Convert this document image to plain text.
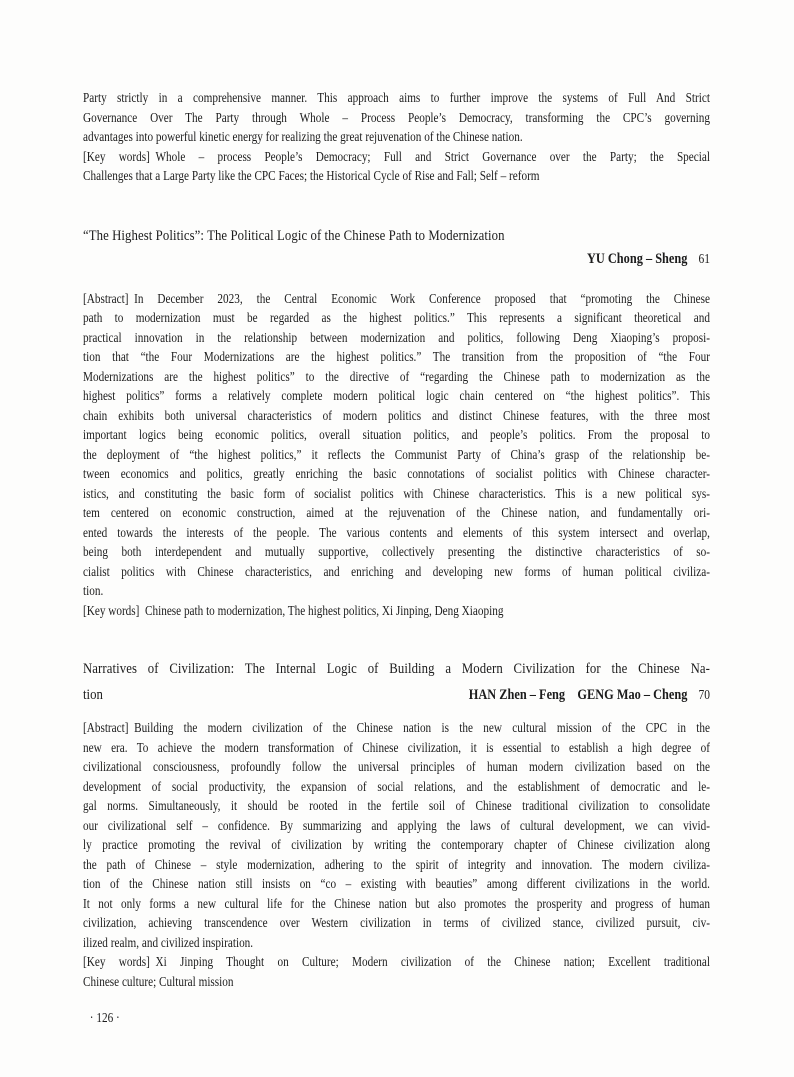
Party strictly in a comprehensive manner. This approach aims to further improve the systems of Full And Strict
Governance Over The Party through Whole – Process People’s Democracy, transforming the CPC’s governing
advantages into powerful kinetic energy for realizing the great rejuvenation of the Chinese nation.
[Key words] Whole – process People’s Democracy; Full and Strict Governance over the Party; the Special
Challenges that a Large Party like the CPC Faces; the Historical Cycle of Rise and Fall; Self – reform
“The Highest Politics”: The Political Logic of the Chinese Path to Modernization
YU Chong – Sheng 61
[Abstract] In December 2023, the Central Economic Work Conference proposed that “promoting the Chinese
path to modernization must be regarded as the highest politics.” This represents a significant theoretical and
practical innovation in the relationship between modernization and politics, following Deng Xiaoping’s proposi-
tion that “the Four Modernizations are the highest politics.” The transition from the proposition of “the Four
Modernizations are the highest politics” to the directive of “regarding the Chinese path to modernization as the
highest politics” forms a relatively complete modern political logic chain centered on “the highest politics”. This
chain exhibits both universal characteristics of modern politics and distinct Chinese features, with the three most
important logics being economic politics, overall situation politics, and people’s politics. From the proposal to
the deployment of “the highest politics,” it reflects the Communist Party of China’s grasp of the relationship be-
tween economics and politics, greatly enriching the basic connotations of socialist politics with Chinese character-
istics, and constituting the basic form of socialist politics with Chinese characteristics. This is a new political sys-
tem centered on economic construction, aimed at the rejuvenation of the Chinese nation, and fundamentally ori-
ented towards the interests of the people. The various contents and elements of this system intersect and overlap,
being both interdependent and mutually supportive, collectively presenting the distinctive characteristics of so-
cialist politics with Chinese characteristics, and enriching and developing new forms of human political civiliza-
tion.
[Key words] Chinese path to modernization, The highest politics, Xi Jinping, Deng Xiaoping
Narratives of Civilization: The Internal Logic of Building a Modern Civilization for the Chinese Na-
tion	HAN Zhen – Feng GENG Mao – Cheng 70
[Abstract] Building the modern civilization of the Chinese nation is the new cultural mission of the CPC in the
new era. To achieve the modern transformation of Chinese civilization, it is essential to establish a high degree of
civilizational consciousness, profoundly follow the universal principles of human modern civilization based on the
development of social productivity, the expansion of social relations, and the establishment of democratic and le-
gal norms. Simultaneously, it should be rooted in the fertile soil of Chinese traditional civilization to consolidate
our civilizational self – confidence. By summarizing and applying the laws of cultural development, we can vivid-
ly practice promoting the revival of civilization by writing the contemporary chapter of Chinese civilization along
the path of Chinese – style modernization, adhering to the spirit of integrity and innovation. The modern civiliza-
tion of the Chinese nation still insists on “co – existing with beauties” among different civilizations in the world.
It not only forms a new cultural life for the Chinese nation but also promotes the prosperity and progress of human
civilization, achieving transcendence over Western civilization in terms of civilized stance, civilized pursuit, civ-
ilized realm, and civilized inspiration.
[Key words] Xi Jinping Thought on Culture; Modern civilization of the Chinese nation; Excellent traditional
Chinese culture; Cultural mission
· 126 ·
